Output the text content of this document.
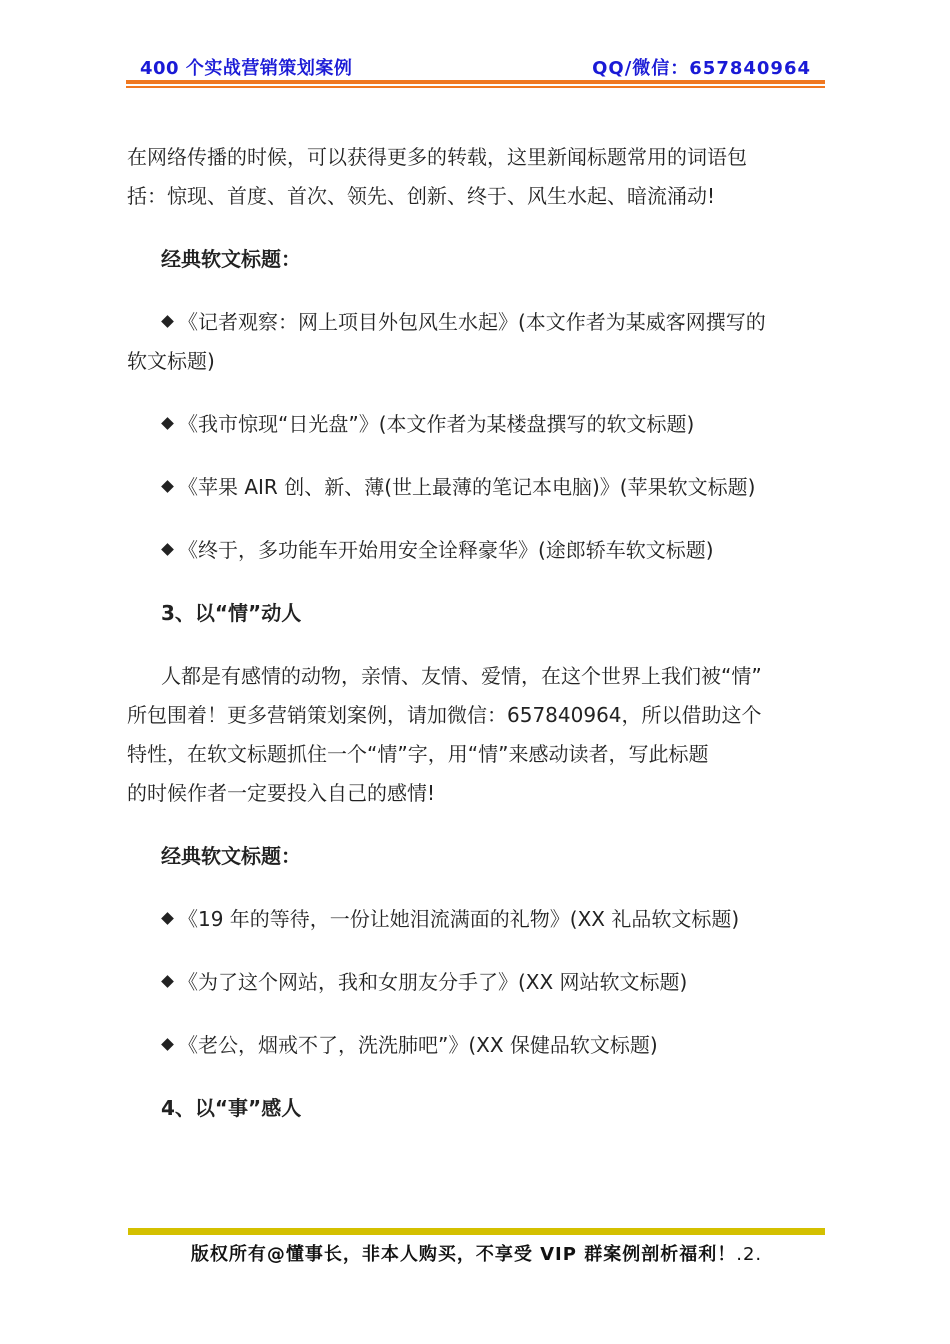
400 个实战营销策划案例	QQ/微信：657840964

在网络传播的时候，可以获得更多的转载，这里新闻标题常用的词语包

括：惊现、首度、首次、领先、创新、终于、风生水起、暗流涌动!

经典软文标题：

《记者观察：网上项目外包风生水起》(本文作者为某威客网撰写的

软文标题)

《我市惊现“日光盘”》(本文作者为某楼盘撰写的软文标题)

《苹果 AIR 创、新、薄(世上最薄的笔记本电脑)》(苹果软文标题)

《终于，多功能车开始用安全诠释豪华》(途郎轿车软文标题)

3、以“情”动人

人都是有感情的动物，亲情、友情、爱情，在这个世界上我们被“情”

所包围着！更多营销策划案例，请加微信：657840964，所以借助这个

特性，在软文标题抓住一个“情”字，用“情”来感动读者，写此标题

的时候作者一定要投入自己的感情!

经典软文标题：

《19 年的等待，一份让她泪流满面的礼物》(XX 礼品软文标题)

《为了这个网站，我和女朋友分手了》(XX 网站软文标题)

《老公，烟戒不了，洗洗肺吧”》(XX 保健品软文标题)

4、以“事”感人

版权所有@懂事长，非本人购买，不享受 VIP 群案例剖析福利！.2.
